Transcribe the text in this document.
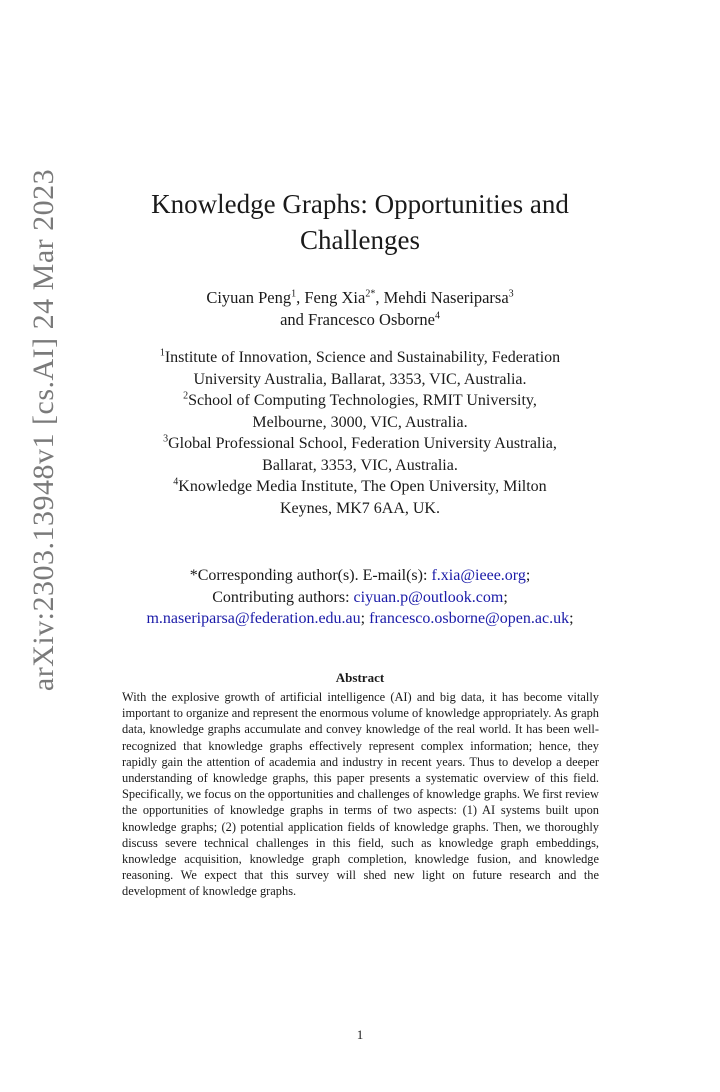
arXiv:2303.13948v1 [cs.AI] 24 Mar 2023	Knowledge Graphs: Opportunities and
Challenges
Ciyuan Peng$^1$, Feng Xia$^{2*}$, Mehdi Naseriparsa$^3$
and Francesco Osborne$^4$
$^1$Institute of Innovation, Science and Sustainability, Federation
University Australia, Ballarat, 3353, VIC, Australia.
$^2$School of Computing Technologies, RMIT University,
Melbourne, 3000, VIC, Australia.
$^3$Global Professional School, Federation University Australia,
Ballarat, 3353, VIC, Australia.
$^4$Knowledge Media Institute, The Open University, Milton
Keynes, MK7 6AA, UK.
*Corresponding author(s). E-mail(s): f.xia@ieee.org;
Contributing authors: ciyuan.p@outlook.com;
m.naseriparsa@federation.edu.au; francesco.osborne@open.ac.uk;
Abstract

With the explosive growth of artificial intelligence (AI) and big data, it has become vitally important to organize and represent the enormous volume of knowledge appropriately. As graph data, knowledge graphs accumulate and convey knowledge of the real world. It has been well-recognized that knowledge graphs effectively represent complex information; hence, they rapidly gain the attention of academia and industry in recent years. Thus to develop a deeper understanding of knowledge graphs, this paper presents a systematic overview of this field. Specifically, we focus on the opportunities and challenges of knowledge graphs. We first review the opportunities of knowledge graphs in terms of two aspects: (1) AI systems built upon knowledge graphs; (2) potential application fields of knowledge graphs. Then, we thoroughly discuss severe technical challenges in this field, such as knowledge graph embeddings, knowledge acquisition, knowledge graph completion, knowledge fusion, and knowledge reasoning. We expect that this survey will shed new light on future research and the development of knowledge graphs.

1
